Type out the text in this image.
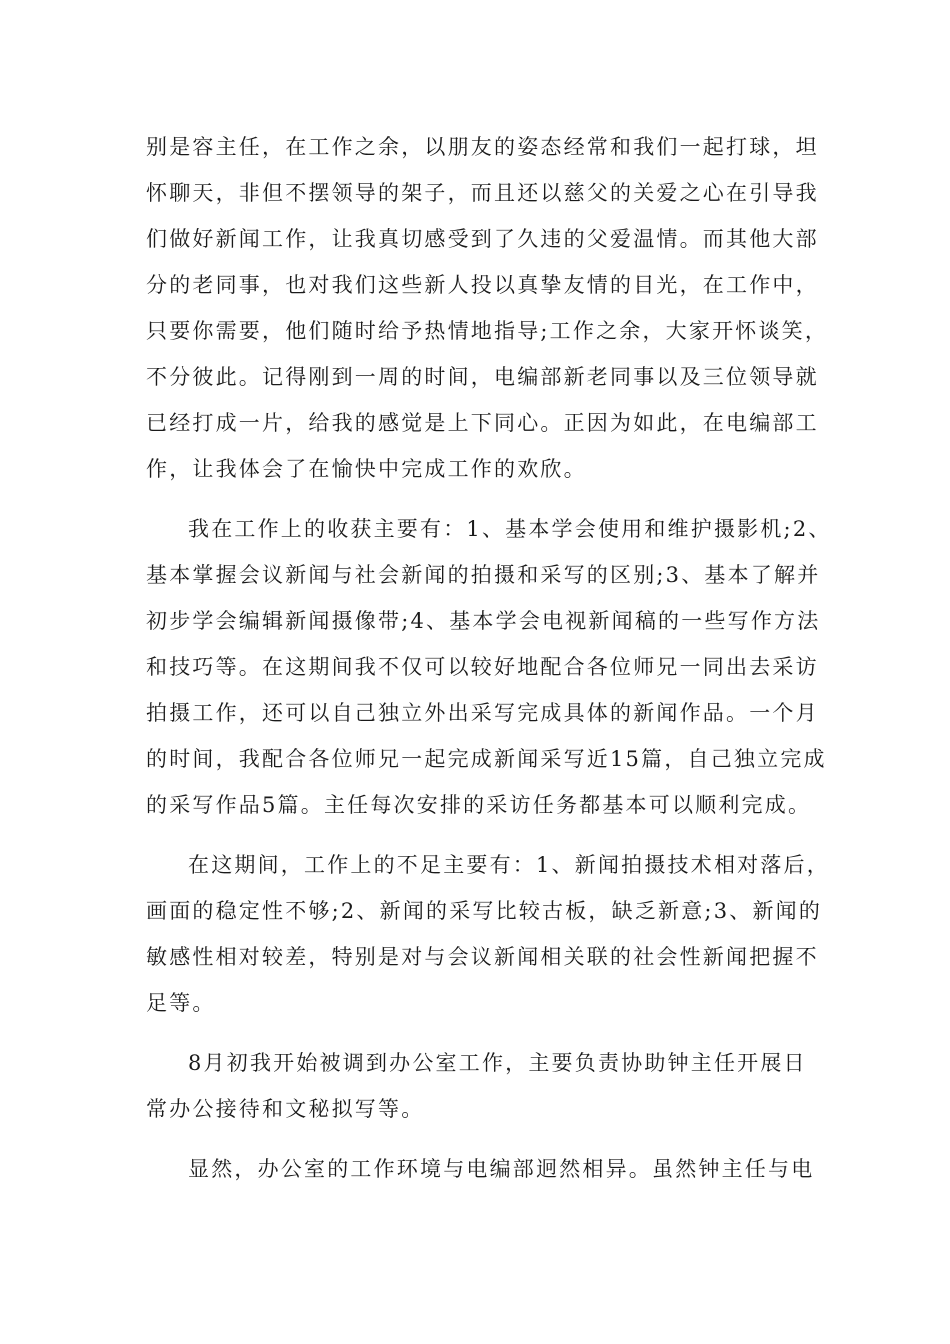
别是容主任，在工作之余，以朋友的姿态经常和我们一起打球，坦
怀聊天，非但不摆领导的架子，而且还以慈父的关爱之心在引导我
们做好新闻工作，让我真切感受到了久违的父爱温情。而其他大部
分的老同事，也对我们这些新人投以真挚友情的目光，在工作中，
只要你需要，他们随时给予热情地指导;工作之余，大家开怀谈笑，
不分彼此。记得刚到一周的时间，电编部新老同事以及三位领导就
已经打成一片，给我的感觉是上下同心。正因为如此，在电编部工
作，让我体会了在愉快中完成工作的欢欣。

我在工作上的收获主要有：1、基本学会使用和维护摄影机;2、
基本掌握会议新闻与社会新闻的拍摄和采写的区别;3、基本了解并
初步学会编辑新闻摄像带;4、基本学会电视新闻稿的一些写作方法
和技巧等。在这期间我不仅可以较好地配合各位师兄一同出去采访
拍摄工作，还可以自己独立外出采写完成具体的新闻作品。一个月
的时间，我配合各位师兄一起完成新闻采写近15篇，自己独立完成
的采写作品5篇。主任每次安排的采访任务都基本可以顺利完成。

在这期间，工作上的不足主要有：1、新闻拍摄技术相对落后，
画面的稳定性不够;2、新闻的采写比较古板，缺乏新意;3、新闻的
敏感性相对较差，特别是对与会议新闻相关联的社会性新闻把握不
足等。

8月初我开始被调到办公室工作，主要负责协助钟主任开展日
常办公接待和文秘拟写等。

显然，办公室的工作环境与电编部迥然相异。虽然钟主任与电
